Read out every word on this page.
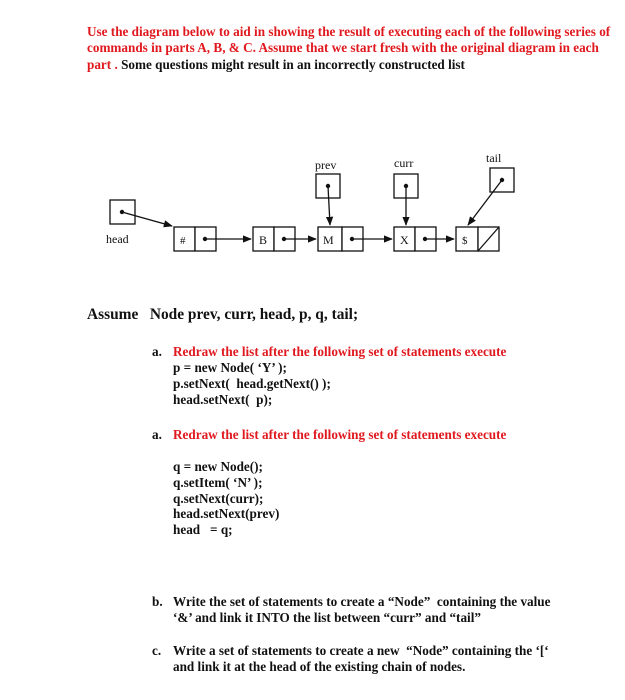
Use the diagram below to aid in showing the result of executing each of the following series of commands in parts A, B, & C. Assume that we start fresh with the original diagram in each part . Some questions might result in an incorrectly constructed list
head
prev	curr	tail
#	B	M	X	$
Assume   Node prev, curr, head, p, q, tail;
a. Redraw the list after the following set of statements execute
p = new Node( ‘Y’ );
p.setNext(  head.getNext() );
head.setNext(  p);
a. Redraw the list after the following set of statements execute
q = new Node();
q.setItem( ‘N’ );
q.setNext(curr);
head.setNext(prev)
head   = q;
b. Write the set of statements to create a “Node”  containing the value
‘&’ and link it INTO the list between “curr” and “tail”
c. Write a set of statements to create a new  “Node” containing the ‘[‘
and link it at the head of the existing chain of nodes.
